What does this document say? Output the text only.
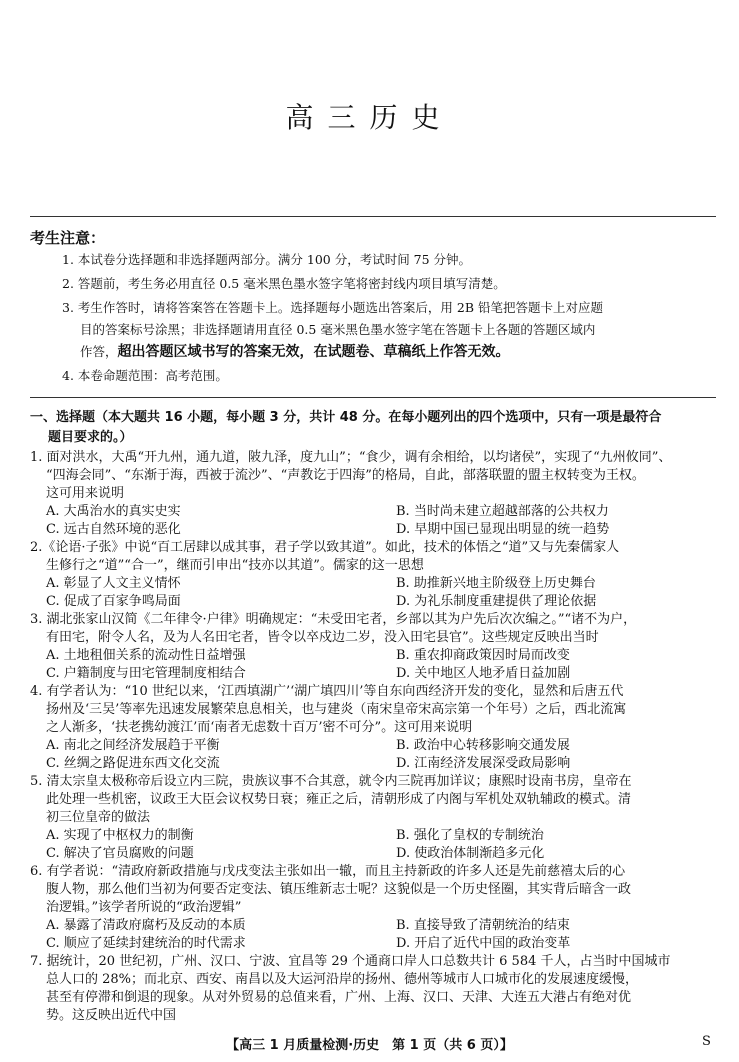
高三历史
考生注意：
1. 本试卷分选择题和非选择题两部分。满分 100 分，考试时间 75 分钟。
2. 答题前，考生务必用直径 0.5 毫米黑色墨水签字笔将密封线内项目填写清楚。
3. 考生作答时，请将答案答在答题卡上。选择题每小题选出答案后，用 2B 铅笔把答题卡上对应题
目的答案标号涂黑；非选择题请用直径 0.5 毫米黑色墨水签字笔在答题卡上各题的答题区域内
作答，超出答题区域书写的答案无效，在试题卷、草稿纸上作答无效。
4. 本卷命题范围：高考范围。
一、选择题（本大题共 16 小题，每小题 3 分，共计 48 分。在每小题列出的四个选项中，只有一项是最符合
题目要求的。）
1. 面对洪水，大禹“开九州，通九道，陂九泽，度九山”；“食少，调有余相给，以均诸侯”，实现了“九州攸同”、
“四海会同”、“东渐于海，西被于流沙”、“声教讫于四海”的格局，自此，部落联盟的盟主权转变为王权。
这可用来说明
A. 大禹治水的真实史实	B. 当时尚未建立超越部落的公共权力
C. 远古自然环境的恶化	D. 早期中国已显现出明显的统一趋势
2.《论语·子张》中说“百工居肆以成其事，君子学以致其道”。如此，技术的体悟之“道”又与先秦儒家人
生修行之“道”“合一”，继而引申出“技亦以其道”。儒家的这一思想
A. 彰显了人文主义情怀	B. 助推新兴地主阶级登上历史舞台
C. 促成了百家争鸣局面	D. 为礼乐制度重建提供了理论依据
3. 湖北张家山汉简《二年律令·户律》明确规定：“未受田宅者，乡部以其为户先后次次编之。”“诸不为户，
有田宅，附令人名，及为人名田宅者，皆令以卒戍边二岁，没入田宅县官”。这些规定反映出当时
A. 土地租佃关系的流动性日益增强	B. 重农抑商政策因时局而改变
C. 户籍制度与田宅管理制度相结合	D. 关中地区人地矛盾日益加剧
4. 有学者认为：“10 世纪以来，‘江西填湖广’‘湖广填四川’等自东向西经济开发的变化，显然和后唐五代
扬州及‘三吴’等率先迅速发展繁荣息息相关，也与建炎（南宋皇帝宋高宗第一个年号）之后，西北流寓
之人渐多，‘扶老携幼渡江’而‘南者无虑数十百万’密不可分”。这可用来说明
A. 南北之间经济发展趋于平衡	B. 政治中心转移影响交通发展
C. 丝绸之路促进东西文化交流	D. 江南经济发展深受政局影响
5. 清太宗皇太极称帝后设立内三院，贵族议事不合其意，就令内三院再加详议；康熙时设南书房，皇帝在
此处理一些机密，议政王大臣会议权势日衰；雍正之后，清朝形成了内阁与军机处双轨辅政的模式。清
初三位皇帝的做法
A. 实现了中枢权力的制衡	B. 强化了皇权的专制统治
C. 解决了官员腐败的问题	D. 使政治体制渐趋多元化
6. 有学者说：“清政府新政措施与戊戌变法主张如出一辙，而且主持新政的许多人还是先前慈禧太后的心
腹人物，那么他们当初为何要否定变法、镇压维新志士呢？这貌似是一个历史怪圈，其实背后暗含一政
治逻辑。”该学者所说的“政治逻辑”
A. 暴露了清政府腐朽及反动的本质	B. 直接导致了清朝统治的结束
C. 顺应了延续封建统治的时代需求	D. 开启了近代中国的政治变革
7. 据统计，20 世纪初，广州、汉口、宁波、宜昌等 29 个通商口岸人口总数共计 6 584 千人，占当时中国城市
总人口的 28%；而北京、西安、南昌以及大运河沿岸的扬州、德州等城市人口城市化的发展速度缓慢，
甚至有停滞和倒退的现象。从对外贸易的总值来看，广州、上海、汉口、天津、大连五大港占有绝对优
势。这反映出近代中国
【高三 1 月质量检测·历史　第 1 页（共 6 页）】	S
